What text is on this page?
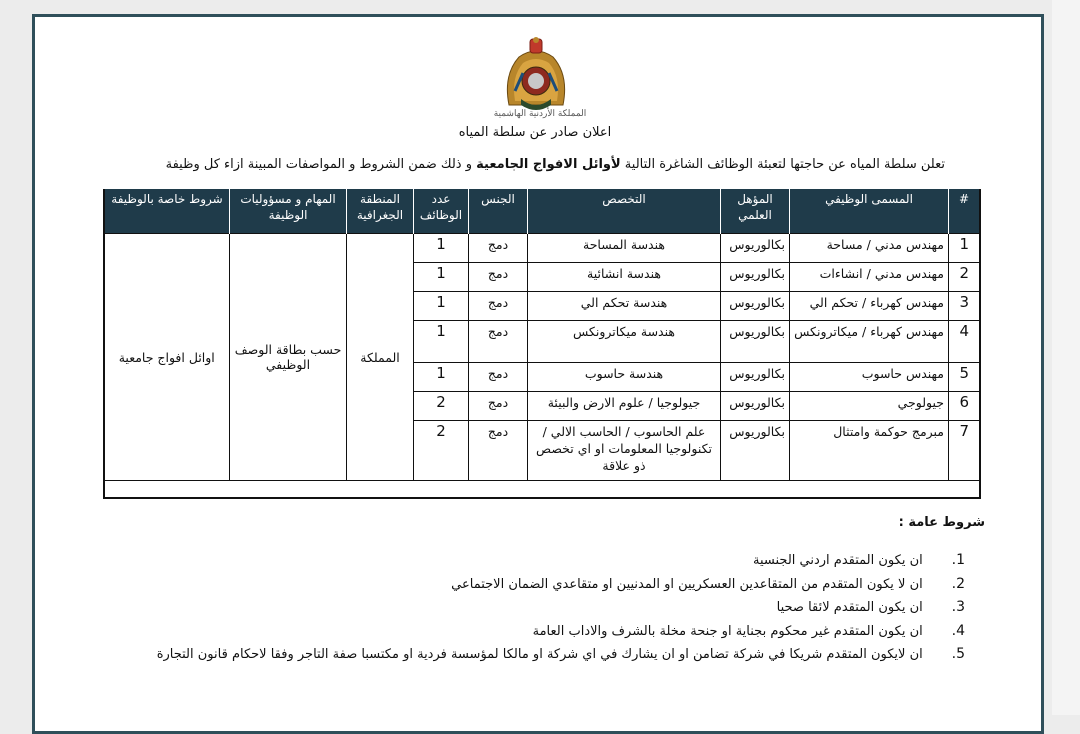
المملكة الأردنية الهاشمية
اعلان صادر عن سلطة المياه
تعلن سلطة المياه عن حاجتها لتعبئة الوظائف الشاغرة التالية لأوائل الافواج الجامعية و ذلك ضمن الشروط و المواصفات المبينة ازاء كل وظيفة
#	المسمى الوظيفي	المؤهل العلمي	التخصص	الجنس	عدد الوظائف	المنطقة الجغرافية	المهام و مسؤوليات الوظيفة	شروط خاصة بالوظيفة
1	مهندس مدني / مساحة	بكالوريوس	هندسة المساحة	دمج	1	المملكة	حسب بطاقة الوصف الوظيفي	اوائل افواج جامعية
2	مهندس مدني / انشاءات	بكالوريوس	هندسة انشائية	دمج	1			
3	مهندس كهرباء / تحكم الي	بكالوريوس	هندسة تحكم الي	دمج	1			
4	مهندس كهرباء / ميكاترونكس	بكالوريوس	هندسة ميكاترونكس	دمج	1			
5	مهندس حاسوب	بكالوريوس	هندسة حاسوب	دمج	1			
6	جيولوجي	بكالوريوس	جيولوجيا / علوم الارض والبيئة	دمج	2			
7	مبرمج حوكمة وامتثال	بكالوريوس	علم الحاسوب / الحاسب الالي / تكنولوجيا المعلومات او اي تخصص ذو علاقة	دمج	2			
شروط عامة :
1.  ان يكون المتقدم اردني الجنسية
2.  ان لا يكون المتقدم من المتقاعدين العسكريين او المدنيين او متقاعدي الضمان الاجتماعي
3.  ان يكون المتقدم لائقا صحيا
4.  ان يكون المتقدم غير محكوم بجناية او جنحة مخلة بالشرف والاداب العامة
5.  ان لايكون المتقدم شريكا في شركة تضامن او ان يشارك في اي شركة او مالكا لمؤسسة فردية او مكتسبا صفة التاجر وفقا لاحكام قانون التجارة
